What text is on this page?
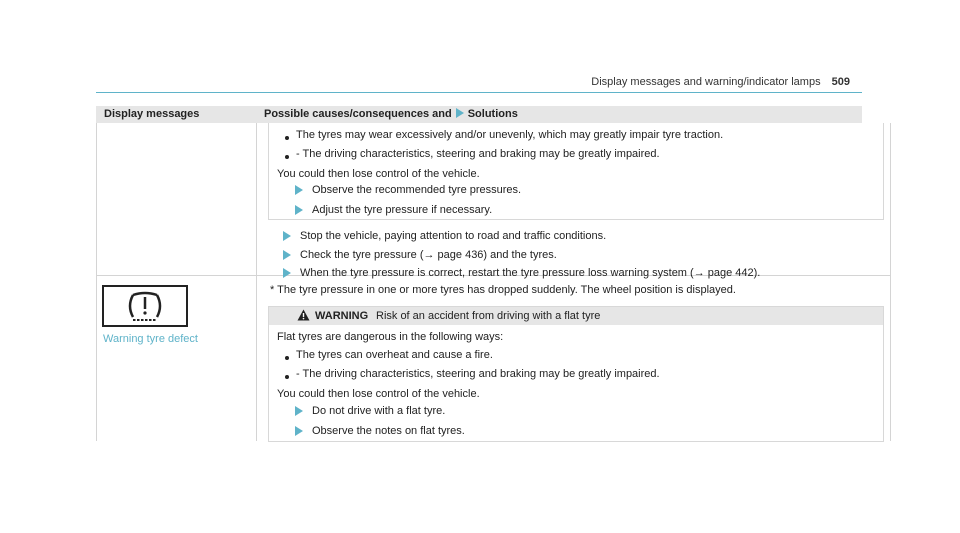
Display messages and warning/indicator lamps 509
Display messages	Possible causes/consequences and Solutions
The tyres may wear excessively and/or unevenly, which may greatly impair tyre traction.
- The driving characteristics, steering and braking may be greatly impaired.
You could then lose control of the vehicle.
Observe the recommended tyre pressures.
Adjust the tyre pressure if necessary.
Stop the vehicle, paying attention to road and traffic conditions.
Check the tyre pressure (→ page 436) and the tyres.
When the tyre pressure is correct, restart the tyre pressure loss warning system (→ page 442).
Warning tyre defect
* The tyre pressure in one or more tyres has dropped suddenly. The wheel position is displayed.
WARNING Risk of an accident from driving with a flat tyre
Flat tyres are dangerous in the following ways:
The tyres can overheat and cause a fire.
- The driving characteristics, steering and braking may be greatly impaired.
You could then lose control of the vehicle.
Do not drive with a flat tyre.
Observe the notes on flat tyres.
